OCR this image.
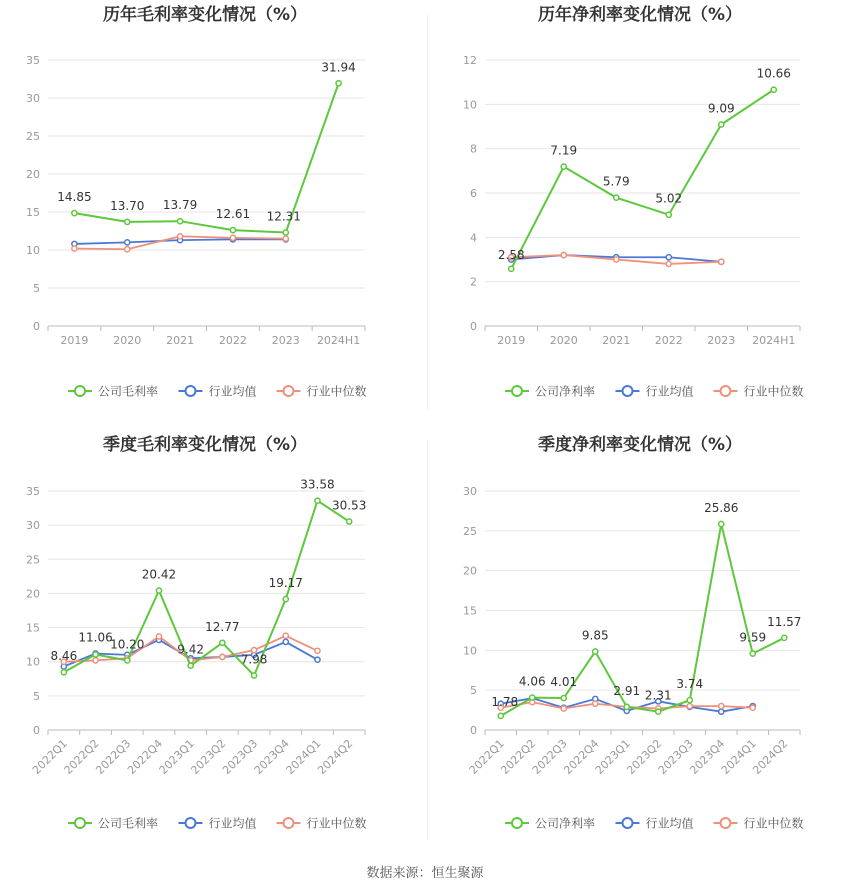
历年毛利率变化情况（%）
0
5
10
15
20
25
30
35
2019 2020 2021 2022 2023 2024H1
14.85
13.70 13.79
12.61 12.31
31.94
公司毛利率	行业均值	行业中位数
历年净利率变化情况（%）
0
2
4
6
8
10
12
2019 2020 2021 2022 2023 2024H1
2.58
7.19
5.79
5.02
9.09
10.66
公司净利率	行业均值	行业中位数
季度毛利率变化情况（%）
0
5
10
15
20
25
30
35
2022Q1
2022Q2
2022Q3
2022Q4
2023Q1
2023Q2
2023Q3
2023Q4
2024Q1
2024Q2
8.46
11.06
10.20
20.42
9.42
12.77
7.98
19.17
33.58
30.53
公司毛利率	行业均值	行业中位数
季度净利率变化情况（%）
0
5
10
15
20
25
30
2022Q1
2022Q2
2022Q3
2022Q4
2023Q1
2023Q2
2023Q3
2023Q4
2024Q1
2024Q2
1.78
4.06 4.01
9.85
2.91 2.31
3.74
25.86
9.59
11.57
公司净利率	行业均值	行业中位数
数据来源：恒生聚源
